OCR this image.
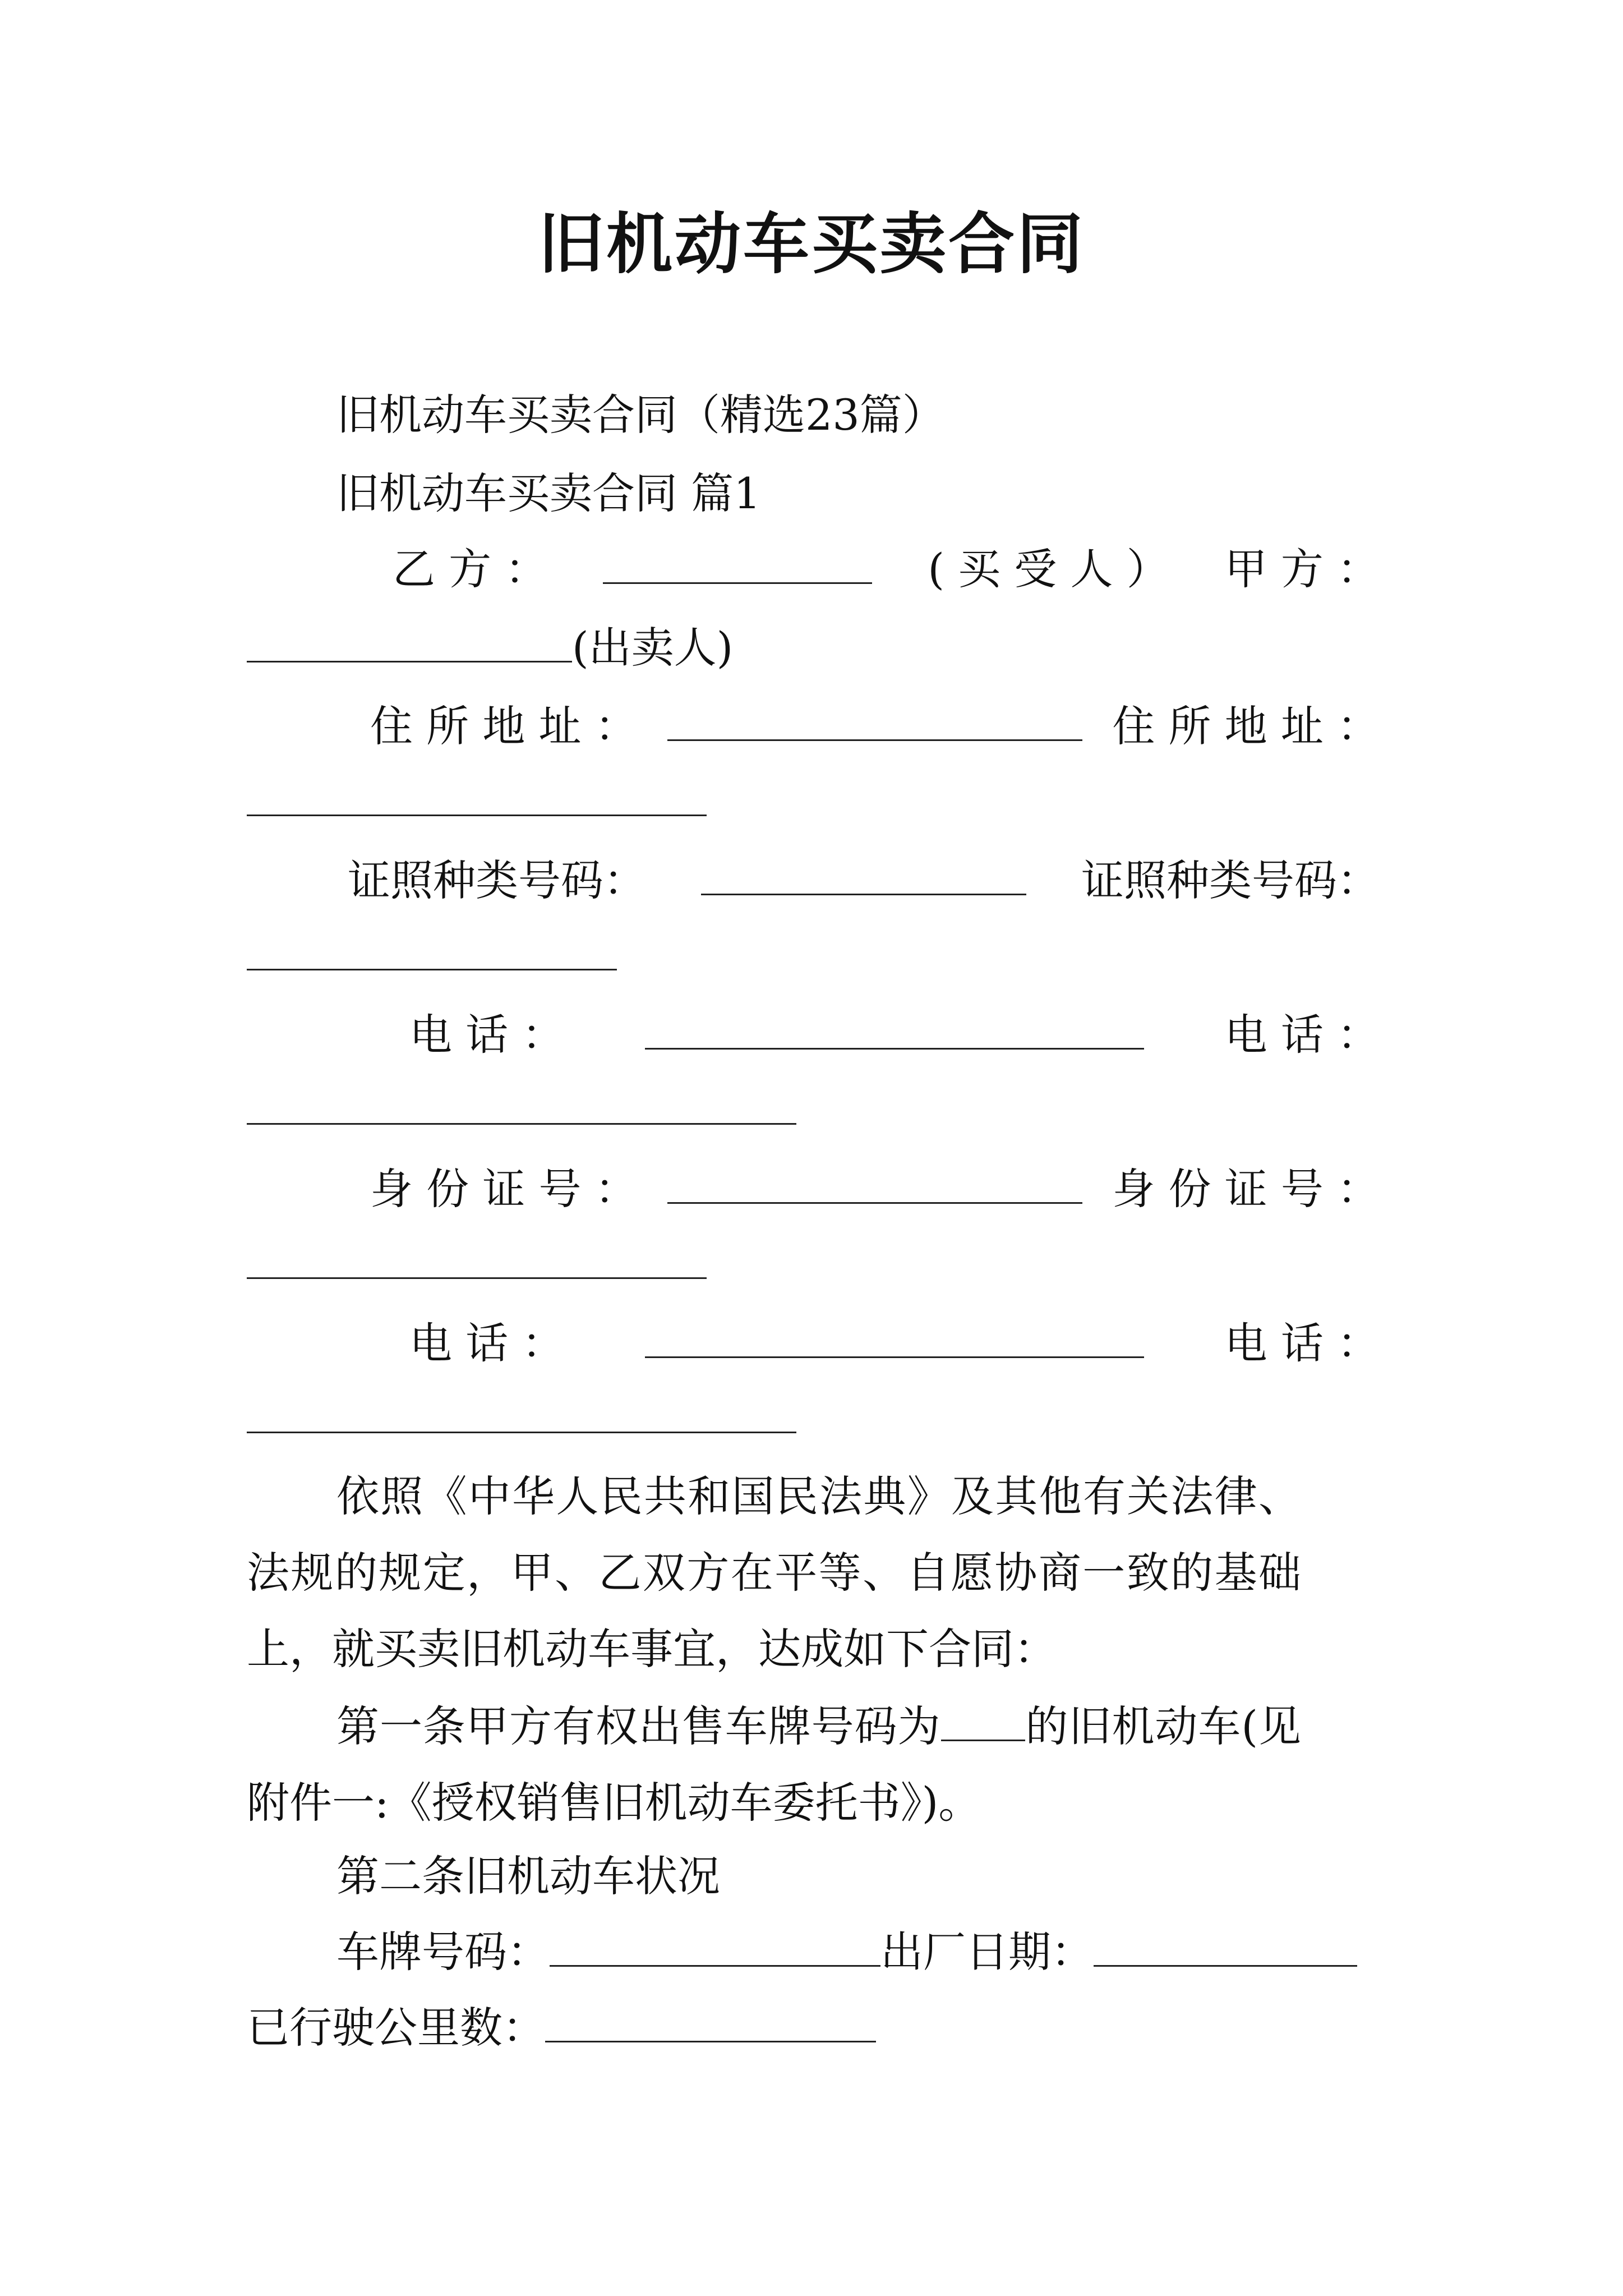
旧机动车买卖合同
旧机动车买卖合同（精选23篇）
旧机动车买卖合同 篇1
乙 方 ：	( 买 受 人 ） 甲 方 ：
(出卖人)
住 所 地 址 ：	住 所 地 址 ：
证照种类号码：	证照种类号码：
电 话 ：	电 话 ：
身 份 证 号 ：	身 份 证 号 ：
电 话 ：	电 话 ：
依照《中华人民共和国民法典》及其他有关法律、法规的规定，甲、乙双方在平等、自愿协商一致的基础上，就买卖旧机动车事宜，达成如下合同：
第一条甲方有权出售车牌号码为 的旧机动车(见附件一:《授权销售旧机动车委托书》)。
第二条旧机动车状况
车牌号码：	出厂日期：
已行驶公里数：
